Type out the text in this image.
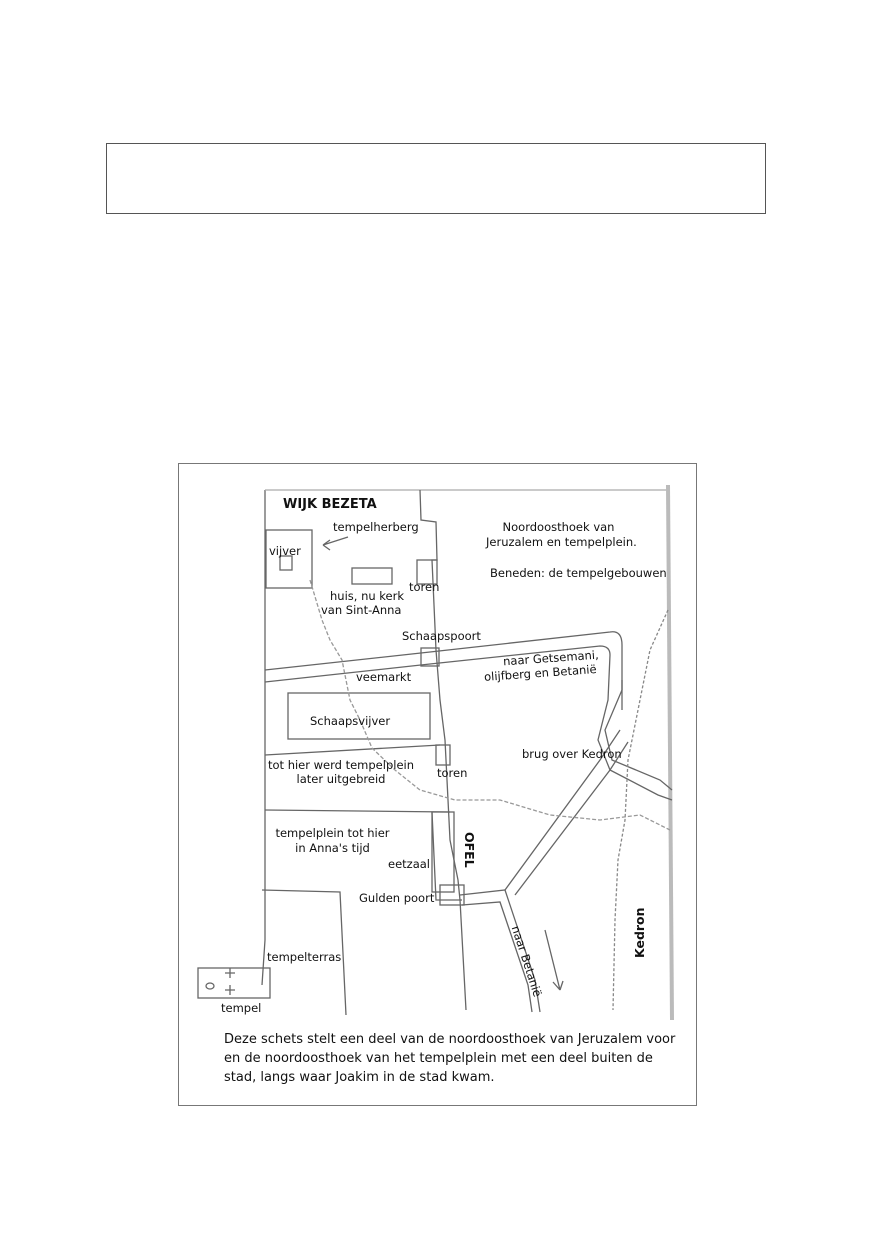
WIJK BEZETA
tempelherberg
vijver
huis, nu kerk
van Sint-Anna
toren
Noordoosthoek van
Jeruzalem en tempelplein.
Beneden: de tempelgebouwen
Schaapspoort
naar Getsemani,
olijfberg en Betanië
veemarkt
Schaapsvijver
tot hier werd tempelplein
later uitgebreid	toren
brug over Kedron
tempelplein tot hier
in Anna's tijd	OFEL
eetzaal
Gulden poort
naar Betanië	Kedron
tempelterras
tempel
Deze schets stelt een deel van de noordoosthoek van Jeruzalem voor
en de noordoosthoek van het tempelplein met een deel buiten de
stad, langs waar Joakim in de stad kwam.
